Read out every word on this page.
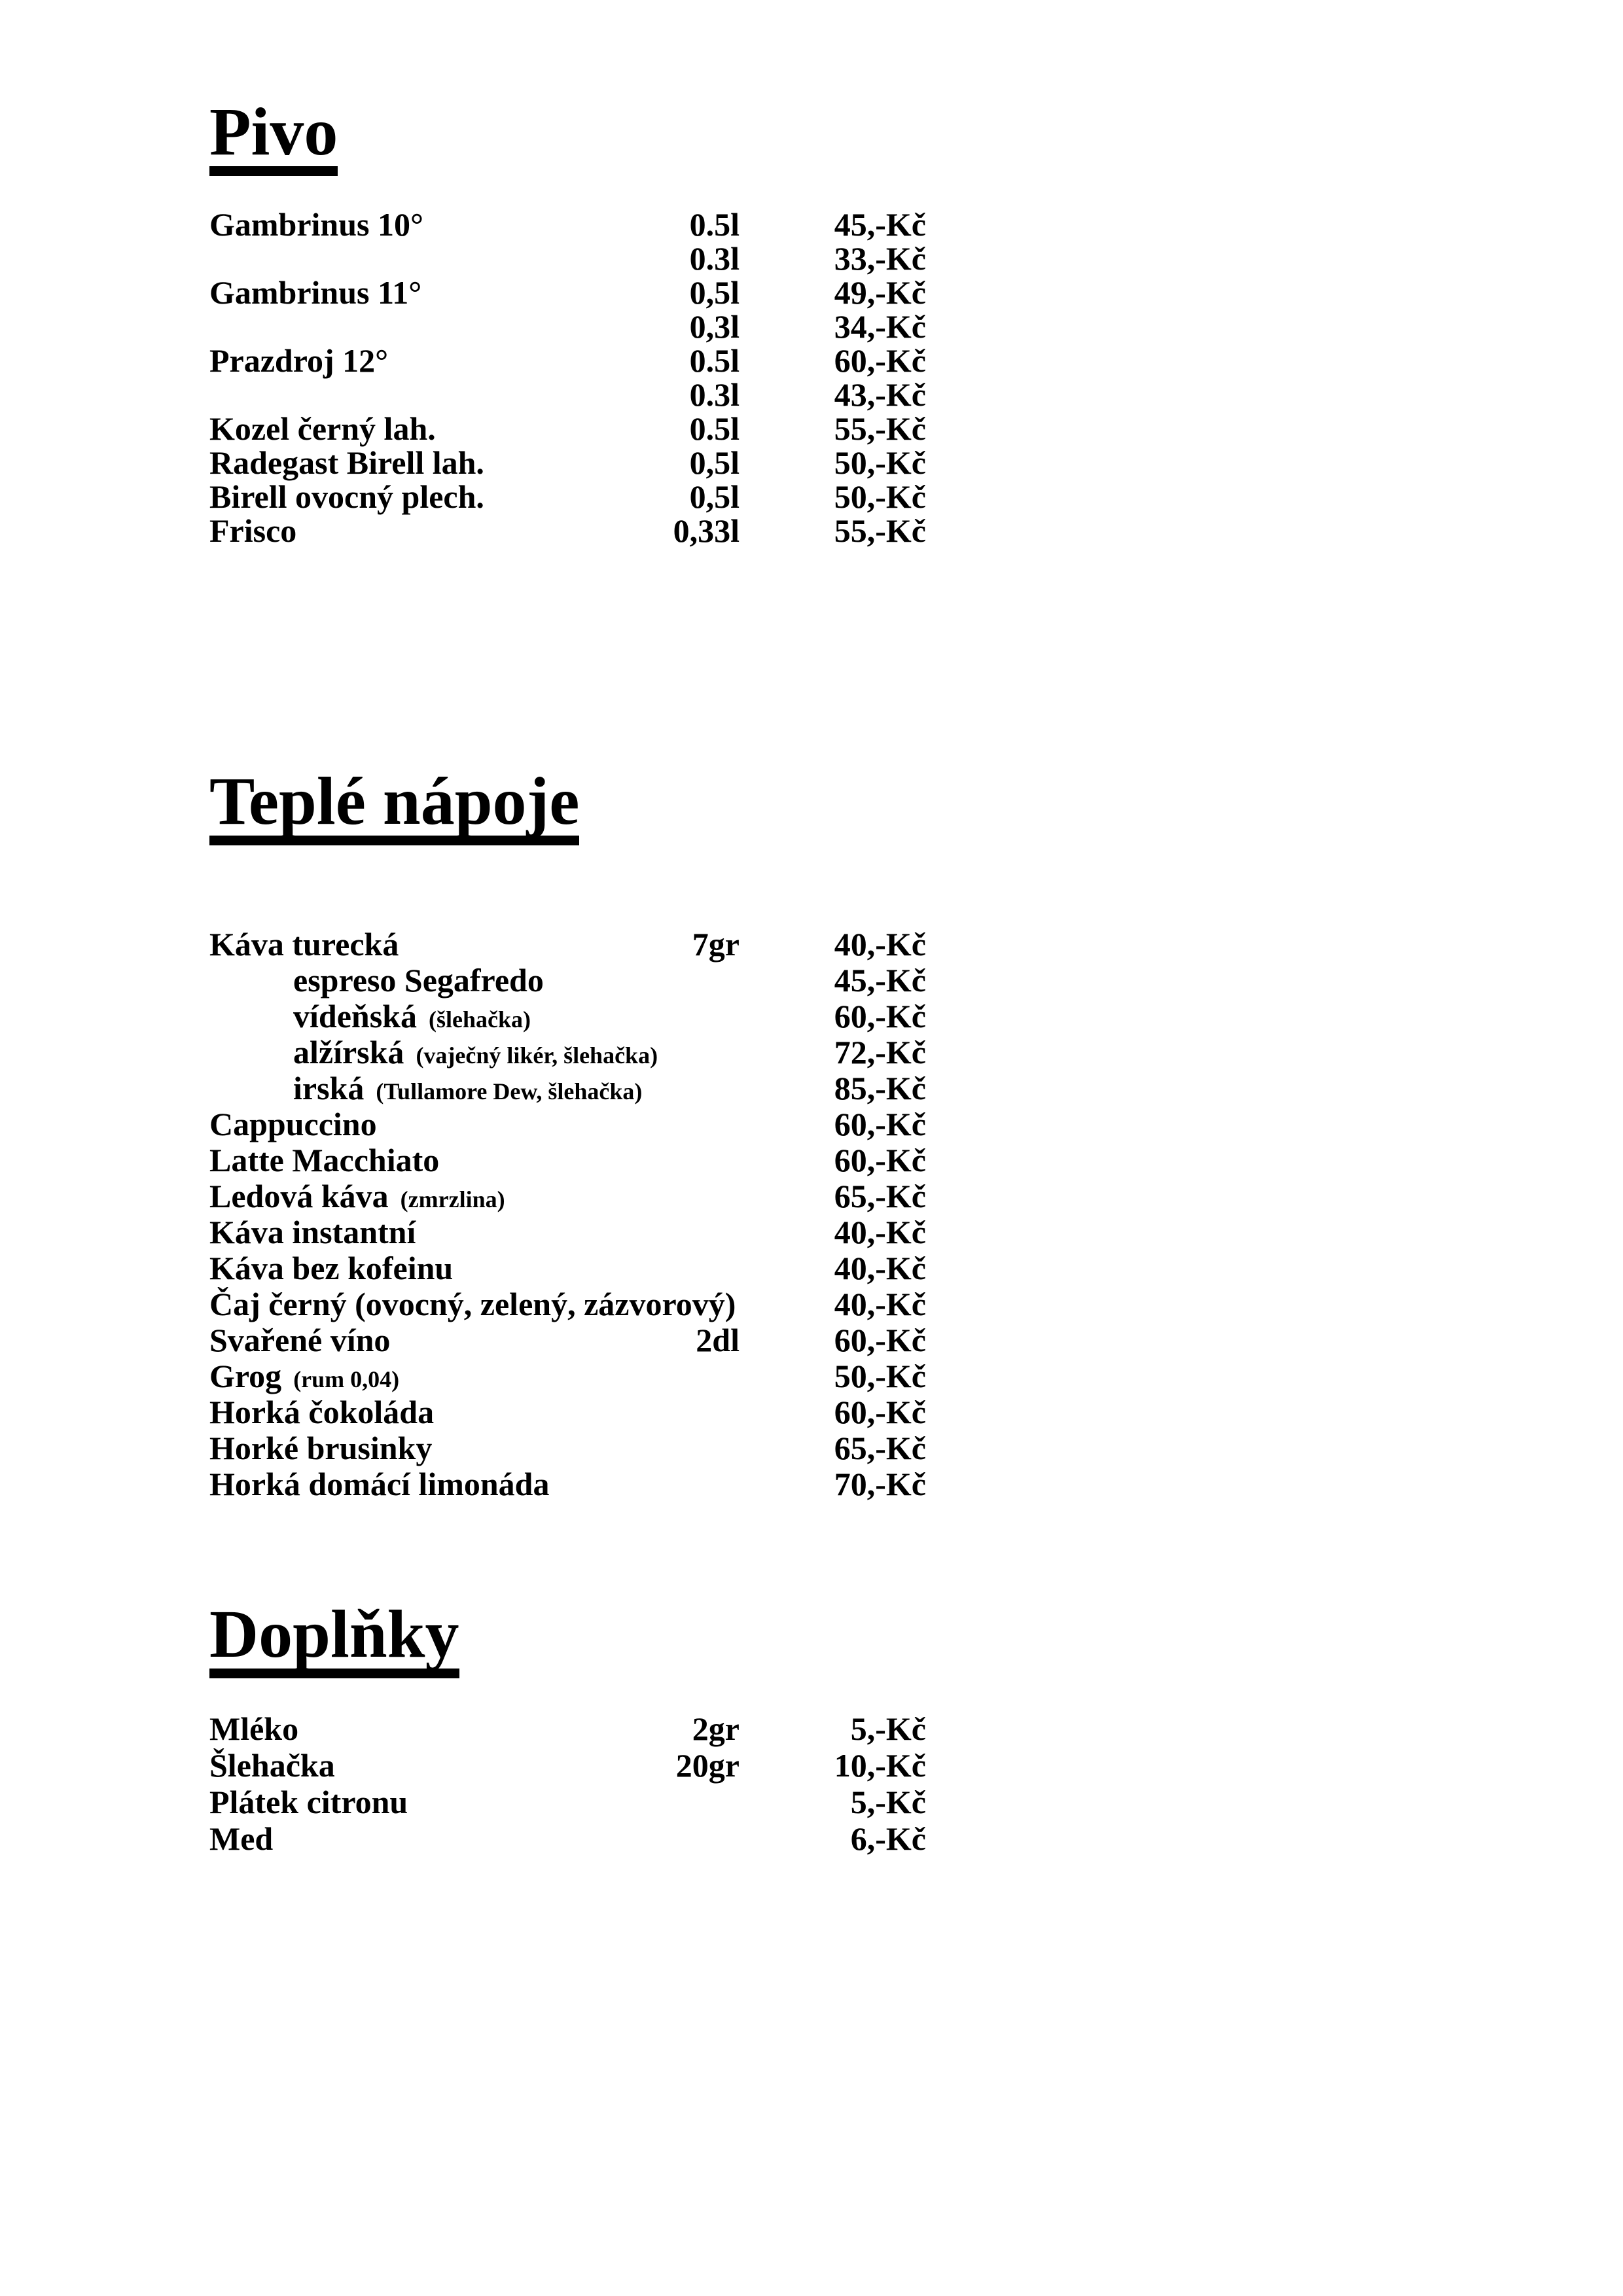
Pivo
Gambrinus 10°	0.5l	45,-Kč
0.3l	33,-Kč
Gambrinus 11°	0,5l	49,-Kč
0,3l	34,-Kč
Prazdroj 12°	0.5l	60,-Kč
0.3l	43,-Kč
Kozel černý lah.	0.5l	55,-Kč
Radegast Birell lah.	0,5l	50,-Kč
Birell ovocný plech.	0,5l	50,-Kč
Frisco	0,33l	55,-Kč
Teplé nápoje
Káva turecká	7gr	40,-Kč
espreso Segafredo	45,-Kč
vídeňská (šlehačka)	60,-Kč
alžírská (vaječný likér, šlehačka)	72,-Kč
irská (Tullamore Dew, šlehačka)	85,-Kč
Cappuccino	60,-Kč
Latte Macchiato	60,-Kč
Ledová káva (zmrzlina)	65,-Kč
Káva instantní	40,-Kč
Káva bez kofeinu	40,-Kč
Čaj černý (ovocný, zelený, zázvorový)	40,-Kč
Svařené víno	2dl	60,-Kč
Grog (rum 0,04)	50,-Kč
Horká čokoláda	60,-Kč
Horké brusinky	65,-Kč
Horká domácí limonáda	70,-Kč
Doplňky
Mléko	2gr	5,-Kč
Šlehačka	20gr	10,-Kč
Plátek citronu	5,-Kč
Med	6,-Kč
